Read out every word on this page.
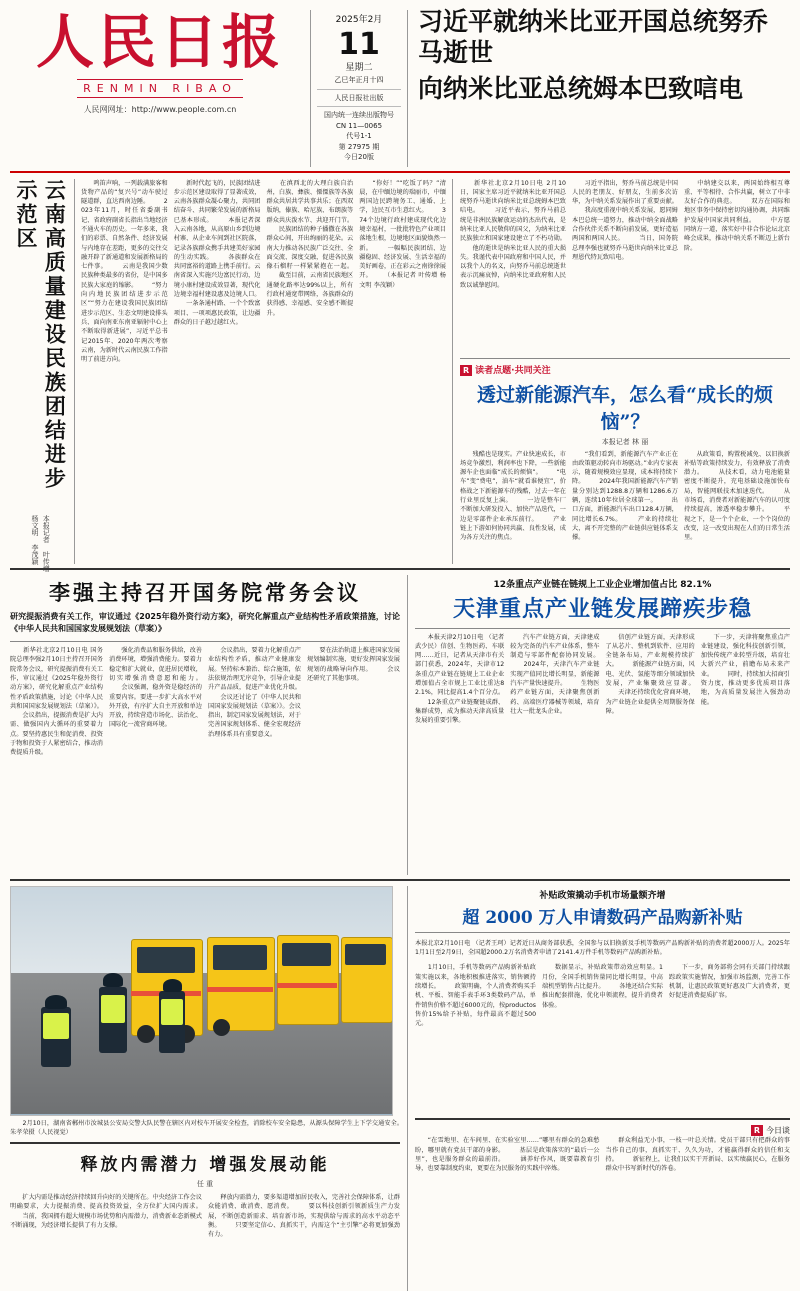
人民日报
RENMIN RIBAO
人民网网址：http://www.people.com.cn
2025年2月
11
星期二
乙巳年正月十四
人民日报社出版
国内统一连续出版物号
CN 11—0065
代号1-1
第 27975 期
今日20版
习近平就纳米比亚开国总统努乔马逝世
向纳米比亚总统姆本巴致唁电
云南高质量建设民族团结进步示范区
本报记者 叶传增 杨文明 李茂颖

　　鸣笛声响，一列载满旅客和货物产品的“复兴号”动车驶过隧道群，直达西南边陲。 　　2023年11月，时任省委副书记、省政府副省长指出当地经济不通火车的历史。一年多来，我们的彩票、自然条件、经济发展与内地存在差距，更多的交往交融开辟了新通道和发展新格局的七件事。 　　云南是我国少数民族种类最多的省份，是中国多民族大家庭的缩影。 　　“努力向内地民族团结进步示范区”“努力在建设我国民族团结进步示范区、生态文明建设排头兵、面向南亚东南亚辐射中心上不断取得新进展”，习近平总书记2015年、2020年两次考察云南，为新时代云南民族工作指明了前进方向。

　　新时代起飞的，民族团结进步示范区建设取得了显著成效，云南各族群众凝心聚力，共同团结奋斗、共同繁荣发展的新格局已基本形成。 　　本报记者深入云南各地，从高原山乡到边境村寨、从企业车间到社区院落，记录各族群众携手共建美好家园的生动实践。 　　各族群众在共同富裕的道路上携手前行。云南省深入实施兴边富民行动，边境小康村建设成效显著，现代化边境幸福村建设惠及边境人口。 　　一条条通村路、一个个致富项目、一项项惠民政策，让边疆群众的日子越过越红火。

　　在滇西北的大理白族自治州，白族、彝族、傈僳族等各族群众共居共学共事共乐；在西双版纳，傣族、哈尼族、布朗族等群众共庆泼水节、共迎开门节。 　　民族团结的种子播撒在各族群众心间，开出绚丽的花朵。云南大力推动各民族广泛交往、全面交流、深度交融，促进各民族像石榴籽一样紧紧抱在一起。 　　截至目前，云南省民族地区通硬化路率达99%以上，所有行政村通宽带网络，各族群众的获得感、幸福感、安全感不断提升。

　　“你好！”“吃饭了吗？”清晨，在中缅边境的瑞丽市，中缅两国边民跨境务工、通婚、上学，边民互市生意红火。 　　374个边境行政村建成现代化边境幸福村，一批批特色产业项目落地生根，边境地区面貌焕然一新。 　　一幅幅民族团结、边疆稳固、经济发展、生活幸福的美好画卷，正在彩云之南徐徐展开。 　　（本报记者 叶传增 杨文明 李茂颖）

　　新华社北京2月10日电 2月10日，国家主席习近平就纳米比亚开国总统努乔马逝世向纳米比亚总统姆本巴致唁电。 　　习近平表示，努乔马前总统是非洲民族解放运动的杰出代表，是纳米比亚人民敬仰的国父，为纳米比亚民族独立和国家建设建立了不朽功勋。 　　他的逝世是纳米比亚人民的重大损失。我谨代表中国政府和中国人民，并以我个人的名义，向努乔马前总统逝世表示沉痛哀悼，向纳米比亚政府和人民致以诚挚慰问。

　　习近平指出，努乔马前总统是中国人民的老朋友、好朋友，生前多次访华，为中纳关系发展作出了重要贡献。 　　我高度重视中纳关系发展，愿同姆本巴总统一道努力，推动中纳全面战略合作伙伴关系不断向前发展，更好造福两国和两国人民。 　　当日，国务院总理李强也就努乔马逝世向纳米比亚总理恩代特瓦致唁电。

　　中纳建交以来，两国始终相互尊重、平等相待、合作共赢，树立了中非友好合作的典范。 　　双方在国际和地区事务中保持密切沟通协调，共同维护发展中国家共同利益。 　　中方愿同纳方一道，落实好中非合作论坛北京峰会成果，推动中纳关系不断迈上新台阶。

R 读者点题·共同关注
透过新能源汽车，怎么看“成长的烦恼”？
本报记者 林 丽

　　残酷也是现实。产业快速成长，市场竞争激烈，利润率也下降，一些新能源车企也面临“成长的烦恼”。 　　“电车”变“费电”，油车“就看谁便宜”，价格战之下新能源车的残酷，过去一年在行业里反复上演。 　　一边是整车厂不断加大研发投入、加快产品迭代，一边是零部件企业承压前行。 　　产业链上下游如何协同共赢、良性发展，成为各方关注的焦点。

　　“我们看到，新能源汽车产业正在由政策驱动转向市场驱动。”业内专家表示，随着规模效应显现，成本将持续下降。 　　2024年我国新能源汽车产销量分别达到1288.8万辆和1286.6万辆，连续10年位居全球第一。 　　出口方面，新能源汽车出口128.4万辆，同比增长6.7%。 　　产业的持续壮大，离不开完整的产业链供应链体系支撑。

　　从政策看，购置税减免、以旧换新补贴等政策持续发力，有效释放了消费潜力。 　　从技术看，动力电池能量密度不断提升，充电基础设施加快布局，智能网联技术加速迭代。 　　从市场看，消费者对新能源汽车的认可度持续提高，渗透率稳步攀升。 　　平视之下，是一个个企业、一个个岗位的改变，这一改变出现在人们的日常生活里。

李强主持召开国务院常务会议
研究提振消费有关工作，审议通过《2025年稳外资行动方案》，研究化解重点产业结构性矛盾政策措施，讨论《中华人民共和国国家发展规划法（草案）》

　　新华社北京2月10日电 国务院总理李强2月10日主持召开国务院常务会议，研究提振消费有关工作，审议通过《2025年稳外资行动方案》，研究化解重点产业结构性矛盾政策措施，讨论《中华人民共和国国家发展规划法（草案）》。 　　会议指出，提振消费是扩大内需、做强国内大循环的重要着力点。要坚持惠民生和促消费、投资于物和投资于人紧密结合，推动消费提质升级。

　　强化消费品和服务供给，改善消费环境，增强消费能力。要着力稳定和扩大就业，促进居民增收，切实增强消费意愿和能力。 　　会议强调，稳外资是稳经济的重要内容。要进一步扩大高水平对外开放，有序扩大自主开放和单边开放，持续营造市场化、法治化、国际化一流营商环境。

　　会议指出，要着力化解重点产业结构性矛盾，推动产业健康发展。坚持标本兼治、综合施策，依法依规治理无序竞争，引导企业提升产品品质，促进产业优化升级。 　　会议还讨论了《中华人民共和国国家发展规划法（草案）》。会议指出，制定国家发展规划法，对于完善国家规划体系、健全宏观经济治理体系具有重要意义。

　　要在法治轨道上推进国家发展规划编制实施，更好发挥国家发展规划的战略导向作用。 　　会议还研究了其他事项。

12条重点产业链在链规上工业企业增加值占比 82.1%
天津重点产业链发展蹄疾步稳

　　本报天津2月10日电 （记者武少民）信创、生物医药、车联网……近日，记者从天津市有关部门获悉，2024年，天津市12条重点产业链在链规上工业企业增加值占全市规上工业比重达82.1%，同比提高1.4个百分点。 　　12条重点产业链聚链成群、集群成势，成为推动天津高质量发展的重要引擎。

　　汽车产业链方面，天津建成较为完备的汽车产业体系，整车制造与零部件配套协同发展。 　　2024年，天津汽车产业链实现产值同比增长明显，新能源汽车产量快速提升。 　　生物医药产业链方面，天津聚焦创新药、高端医疗器械等领域，培育壮大一批龙头企业。

　　信创产业链方面，天津形成了从芯片、整机到软件、应用的全链条布局，产业规模持续扩大。 　　新能源产业链方面，风电、光伏、氢能等细分领域加快发展，产业集聚效应显著。 　　天津还持续优化营商环境，为产业链企业提供全周期服务保障。

　　下一步，天津将聚焦重点产业链建设，强化科技创新引领，加快传统产业转型升级，培育壮大新兴产业，前瞻布局未来产业。 　　同时，持续加大招商引资力度，推动更多优质项目落地，为高质量发展注入强劲动能。

　　2月10日，湖南省郴州市汝城县公安局交警大队民警在辖区内对校车开展安全检查，消除校车安全隐患，从源头保障学生上下学交通安全。　　朱孝荣摄（人民视觉）
释放内需潜力 增强发展动能
任 重

　　扩大内需是推动经济持续回升向好的关键所在。中央经济工作会议明确要求，大力提振消费、提高投资效益，全方位扩大国内需求。 　　当前，我国拥有超大规模市场优势和内需潜力，消费新业态新模式不断涌现，为经济增长提供了有力支撑。

　　释放内需潜力，要多渠道增加居民收入，完善社会保障体系，让群众能消费、敢消费、愿消费。 　　要以科技创新引领新质生产力发展，不断创造新需求、培育新市场，实现供给与需求的高水平动态平衡。 　　只要坚定信心、真抓实干，内需这个“主引擎”必将更加强劲有力。

补贴政策撬动手机市场量额齐增
超 2000 万人申请数码产品购新补贴

本报北京2月10日电 （记者王珂）记者近日从商务部获悉，全国参与以旧换新及手机等数码产品购新补贴的消费者超2000万人。2025年1月1日至2月9日，全国超2000.2万名消费者申请了2141.4万件手机等数码产品购新补贴。

　　1月10日，手机等数码产品购新补贴政策实施以来，各地积极推进落实，销售额持续增长。 　　政策明确，个人消费者购买手机、平板、智能手表手环3类数码产品，单件销售价格不超过6000元的，按productos售价15%给予补贴，每件最高不超过500元。

　　数据显示，补贴政策带动效应明显。1月份，全国手机销售量同比增长明显，中高端机型销售占比提升。 　　各地还结合实际推出配套措施，优化申领流程，提升消费者体验。

　　下一步，商务部将会同有关部门持续跟踪政策实施情况，加强市场监测，完善工作机制，让惠民政策更好惠及广大消费者，更好促进消费提质扩容。

R 今日谈

　　“在雪地里、在车间里、在实验室里……”哪里有群众的急难愁盼，哪里就有党员干部的身影。 　　基层是政策落实的“最后一公里”，也是服务群众的最前沿。 　　涵养好作风，既要靠教育引导，也要靠制度约束，更要在为民服务的实践中淬炼。

　　群众利益无小事，一枝一叶总关情。党员干部只有把群众的事当作自己的事，真抓实干、久久为功，才能赢得群众的信任和支持。 　　新征程上，让我们以实干开新局、以实绩赢民心，在服务群众中书写新时代的答卷。
